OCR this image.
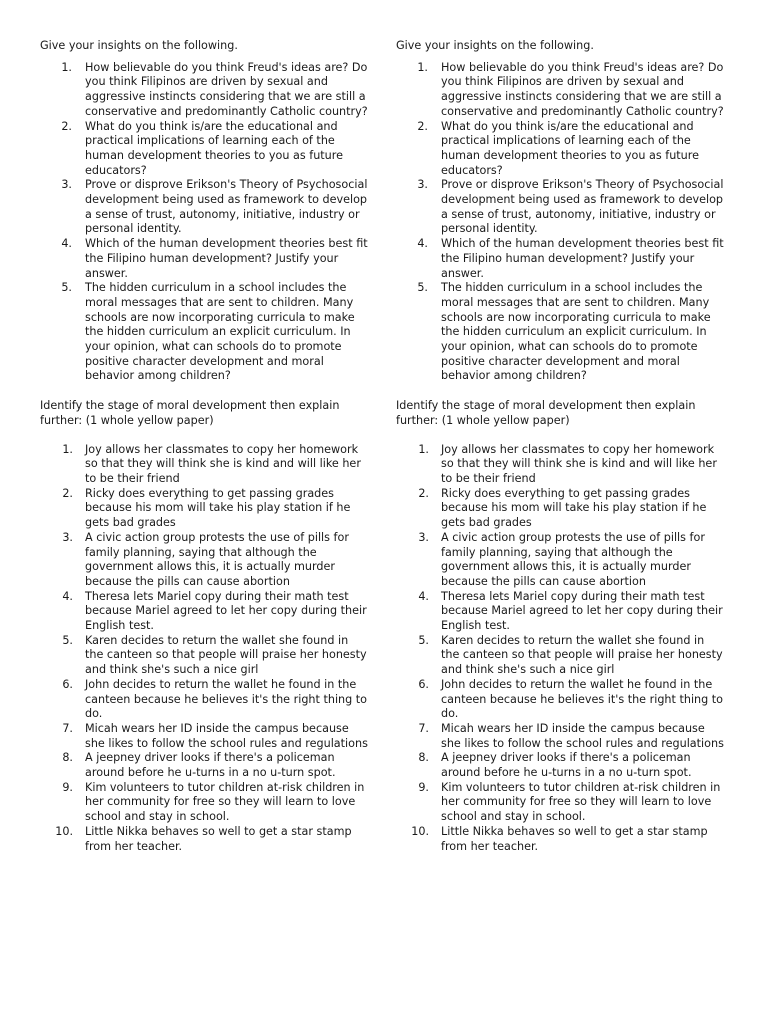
Give your insights on the following.

1. How believable do you think Freud's ideas are? Do you think Filipinos are driven by sexual and aggressive instincts considering that we are still a conservative and predominantly Catholic country?
2. What do you think is/are the educational and practical implications of learning each of the human development theories to you as future educators?
3. Prove or disprove Erikson's Theory of Psychosocial development being used as framework to develop a sense of trust, autonomy, initiative, industry or personal identity.
4. Which of the human development theories best fit the Filipino human development? Justify your answer.
5. The hidden curriculum in a school includes the moral messages that are sent to children. Many schools are now incorporating curricula to make the hidden curriculum an explicit curriculum. In your opinion, what can schools do to promote positive character development and moral behavior among children?

Identify the stage of moral development then explain further: (1 whole yellow paper)

1. Joy allows her classmates to copy her homework so that they will think she is kind and will like her to be their friend
2. Ricky does everything to get passing grades because his mom will take his play station if he gets bad grades
3. A civic action group protests the use of pills for family planning, saying that although the government allows this, it is actually murder because the pills can cause abortion
4. Theresa lets Mariel copy during their math test because Mariel agreed to let her copy during their English test.
5. Karen decides to return the wallet she found in the canteen so that people will praise her honesty and think she's such a nice girl
6. John decides to return the wallet he found in the canteen because he believes it's the right thing to do.
7. Micah wears her ID inside the campus because she likes to follow the school rules and regulations
8. A jeepney driver looks if there's a policeman around before he u-turns in a no u-turn spot.
9. Kim volunteers to tutor children at-risk children in her community for free so they will learn to love school and stay in school.
10. Little Nikka behaves so well to get a star stamp from her teacher.

Give your insights on the following.

1. How believable do you think Freud's ideas are? Do you think Filipinos are driven by sexual and aggressive instincts considering that we are still a conservative and predominantly Catholic country?
2. What do you think is/are the educational and practical implications of learning each of the human development theories to you as future educators?
3. Prove or disprove Erikson's Theory of Psychosocial development being used as framework to develop a sense of trust, autonomy, initiative, industry or personal identity.
4. Which of the human development theories best fit the Filipino human development? Justify your answer.
5. The hidden curriculum in a school includes the moral messages that are sent to children. Many schools are now incorporating curricula to make the hidden curriculum an explicit curriculum. In your opinion, what can schools do to promote positive character development and moral behavior among children?

Identify the stage of moral development then explain further: (1 whole yellow paper)

1. Joy allows her classmates to copy her homework so that they will think she is kind and will like her to be their friend
2. Ricky does everything to get passing grades because his mom will take his play station if he gets bad grades
3. A civic action group protests the use of pills for family planning, saying that although the government allows this, it is actually murder because the pills can cause abortion
4. Theresa lets Mariel copy during their math test because Mariel agreed to let her copy during their English test.
5. Karen decides to return the wallet she found in the canteen so that people will praise her honesty and think she's such a nice girl
6. John decides to return the wallet he found in the canteen because he believes it's the right thing to do.
7. Micah wears her ID inside the campus because she likes to follow the school rules and regulations
8. A jeepney driver looks if there's a policeman around before he u-turns in a no u-turn spot.
9. Kim volunteers to tutor children at-risk children in her community for free so they will learn to love school and stay in school.
10. Little Nikka behaves so well to get a star stamp from her teacher.
